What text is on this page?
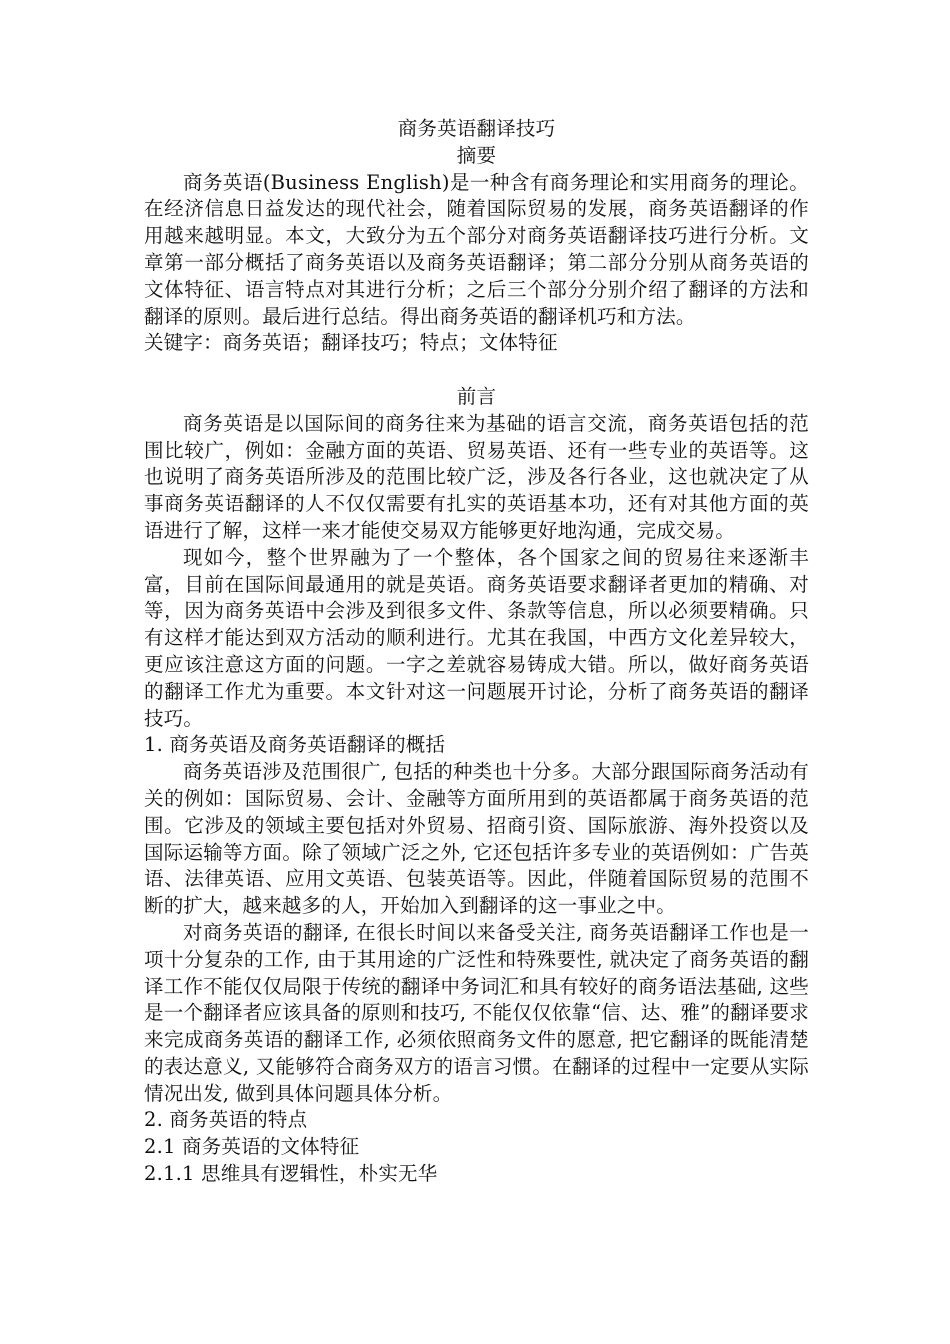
商务英语翻译技巧

摘要

商务英语(Business English)是一种含有商务理论和实用商务的理论。在经济信息日益发达的现代社会，随着国际贸易的发展，商务英语翻译的作用越来越明显。本文，大致分为五个部分对商务英语翻译技巧进行分析。文章第一部分概括了商务英语以及商务英语翻译；第二部分分别从商务英语的文体特征、语言特点对其进行分析；之后三个部分分别介绍了翻译的方法和翻译的原则。最后进行总结。得出商务英语的翻译机巧和方法。

关键字：商务英语；翻译技巧；特点；文体特征

前言

商务英语是以国际间的商务往来为基础的语言交流，商务英语包括的范围比较广，例如：金融方面的英语、贸易英语、还有一些专业的英语等。这也说明了商务英语所涉及的范围比较广泛，涉及各行各业，这也就决定了从事商务英语翻译的人不仅仅需要有扎实的英语基本功，还有对其他方面的英语进行了解，这样一来才能使交易双方能够更好地沟通，完成交易。

现如今，整个世界融为了一个整体，各个国家之间的贸易往来逐渐丰富，目前在国际间最通用的就是英语。商务英语要求翻译者更加的精确、对等，因为商务英语中会涉及到很多文件、条款等信息，所以必须要精确。只有这样才能达到双方活动的顺利进行。尤其在我国，中西方文化差异较大，更应该注意这方面的问题。一字之差就容易铸成大错。所以，做好商务英语的翻译工作尤为重要。本文针对这一问题展开讨论，分析了商务英语的翻译技巧。

1. 商务英语及商务英语翻译的概括

商务英语涉及范围很广, 包括的种类也十分多。大部分跟国际商务活动有关的例如：国际贸易、会计、金融等方面所用到的英语都属于商务英语的范围。它涉及的领域主要包括对外贸易、招商引资、国际旅游、海外投资以及国际运输等方面。除了领域广泛之外, 它还包括许多专业的英语例如：广告英语、法律英语、应用文英语、包装英语等。因此，伴随着国际贸易的范围不断的扩大，越来越多的人，开始加入到翻译的这一事业之中。

对商务英语的翻译, 在很长时间以来备受关注, 商务英语翻译工作也是一项十分复杂的工作, 由于其用途的广泛性和特殊要性, 就决定了商务英语的翻译工作不能仅仅局限于传统的翻译中务词汇和具有较好的商务语法基础, 这些是一个翻译者应该具备的原则和技巧, 不能仅仅依靠“信、达、雅”的翻译要求来完成商务英语的翻译工作, 必须依照商务文件的愿意, 把它翻译的既能清楚的表达意义, 又能够符合商务双方的语言习惯。在翻译的过程中一定要从实际情况出发, 做到具体问题具体分析。

2. 商务英语的特点

2.1 商务英语的文体特征

2.1.1 思维具有逻辑性，朴实无华
